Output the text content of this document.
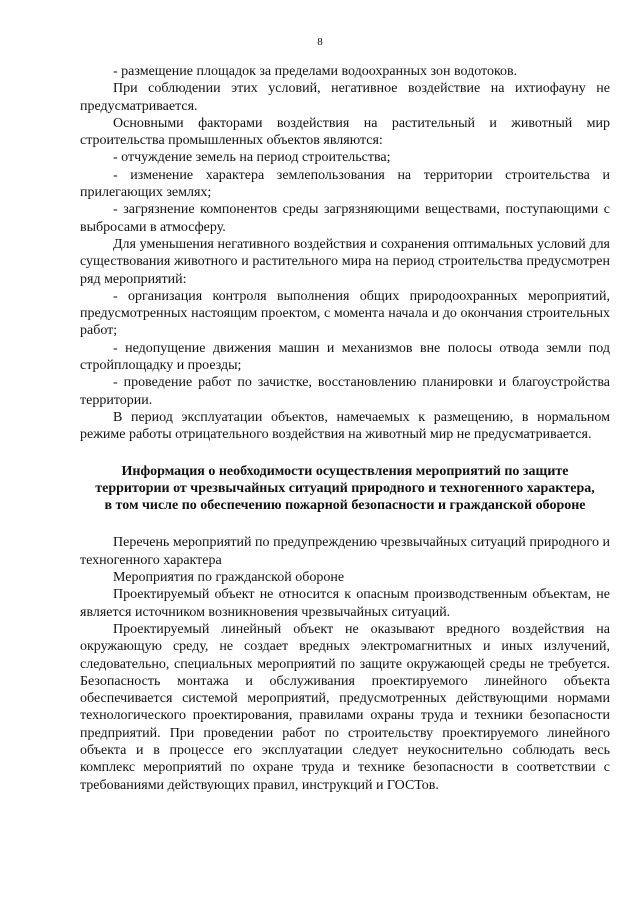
8

- размещение площадок за пределами водоохранных зон водотоков.

При соблюдении этих условий, негативное воздействие на ихтиофауну не предусматривается.

Основными факторами воздействия на растительный и животный мир строительства промышленных объектов являются:

- отчуждение земель на период строительства;

- изменение характера землепользования на территории строительства и прилегающих землях;

- загрязнение компонентов среды загрязняющими веществами, поступающими с выбросами в атмосферу.

Для уменьшения негативного воздействия и сохранения оптимальных условий для существования животного и растительного мира на период строительства предусмотрен ряд мероприятий:

- организация контроля выполнения общих природоохранных мероприятий, предусмотренных настоящим проектом, с момента начала и до окончания строительных работ;

- недопущение движения машин и механизмов вне полосы отвода земли под стройплощадку и проезды;

- проведение работ по зачистке, восстановлению планировки и благоустройства территории.

В период эксплуатации объектов, намечаемых к размещению, в нормальном режиме работы отрицательного воздействия на животный мир не предусматривается.

Информация о необходимости осуществления мероприятий по защите территории от чрезвычайных ситуаций природного и техногенного характера, в том числе по обеспечению пожарной безопасности и гражданской обороне

Перечень мероприятий по предупреждению чрезвычайных ситуаций природного и техногенного характера

Мероприятия по гражданской обороне

Проектируемый объект не относится к опасным производственным объектам, не является источником возникновения чрезвычайных ситуаций.

Проектируемый линейный объект не оказывают вредного воздействия на окружающую среду, не создает вредных электромагнитных и иных излучений, следовательно, специальных мероприятий по защите окружающей среды не требуется. Безопасность монтажа и обслуживания проектируемого линейного объекта обеспечивается системой мероприятий, предусмотренных действующими нормами технологического проектирования, правилами охраны труда и техники безопасности предприятий. При проведении работ по строительству проектируемого линейного объекта и в процессе его эксплуатации следует неукоснительно соблюдать весь комплекс мероприятий по охране труда и технике безопасности в соответствии с требованиями действующих правил, инструкций и ГОСТов.
